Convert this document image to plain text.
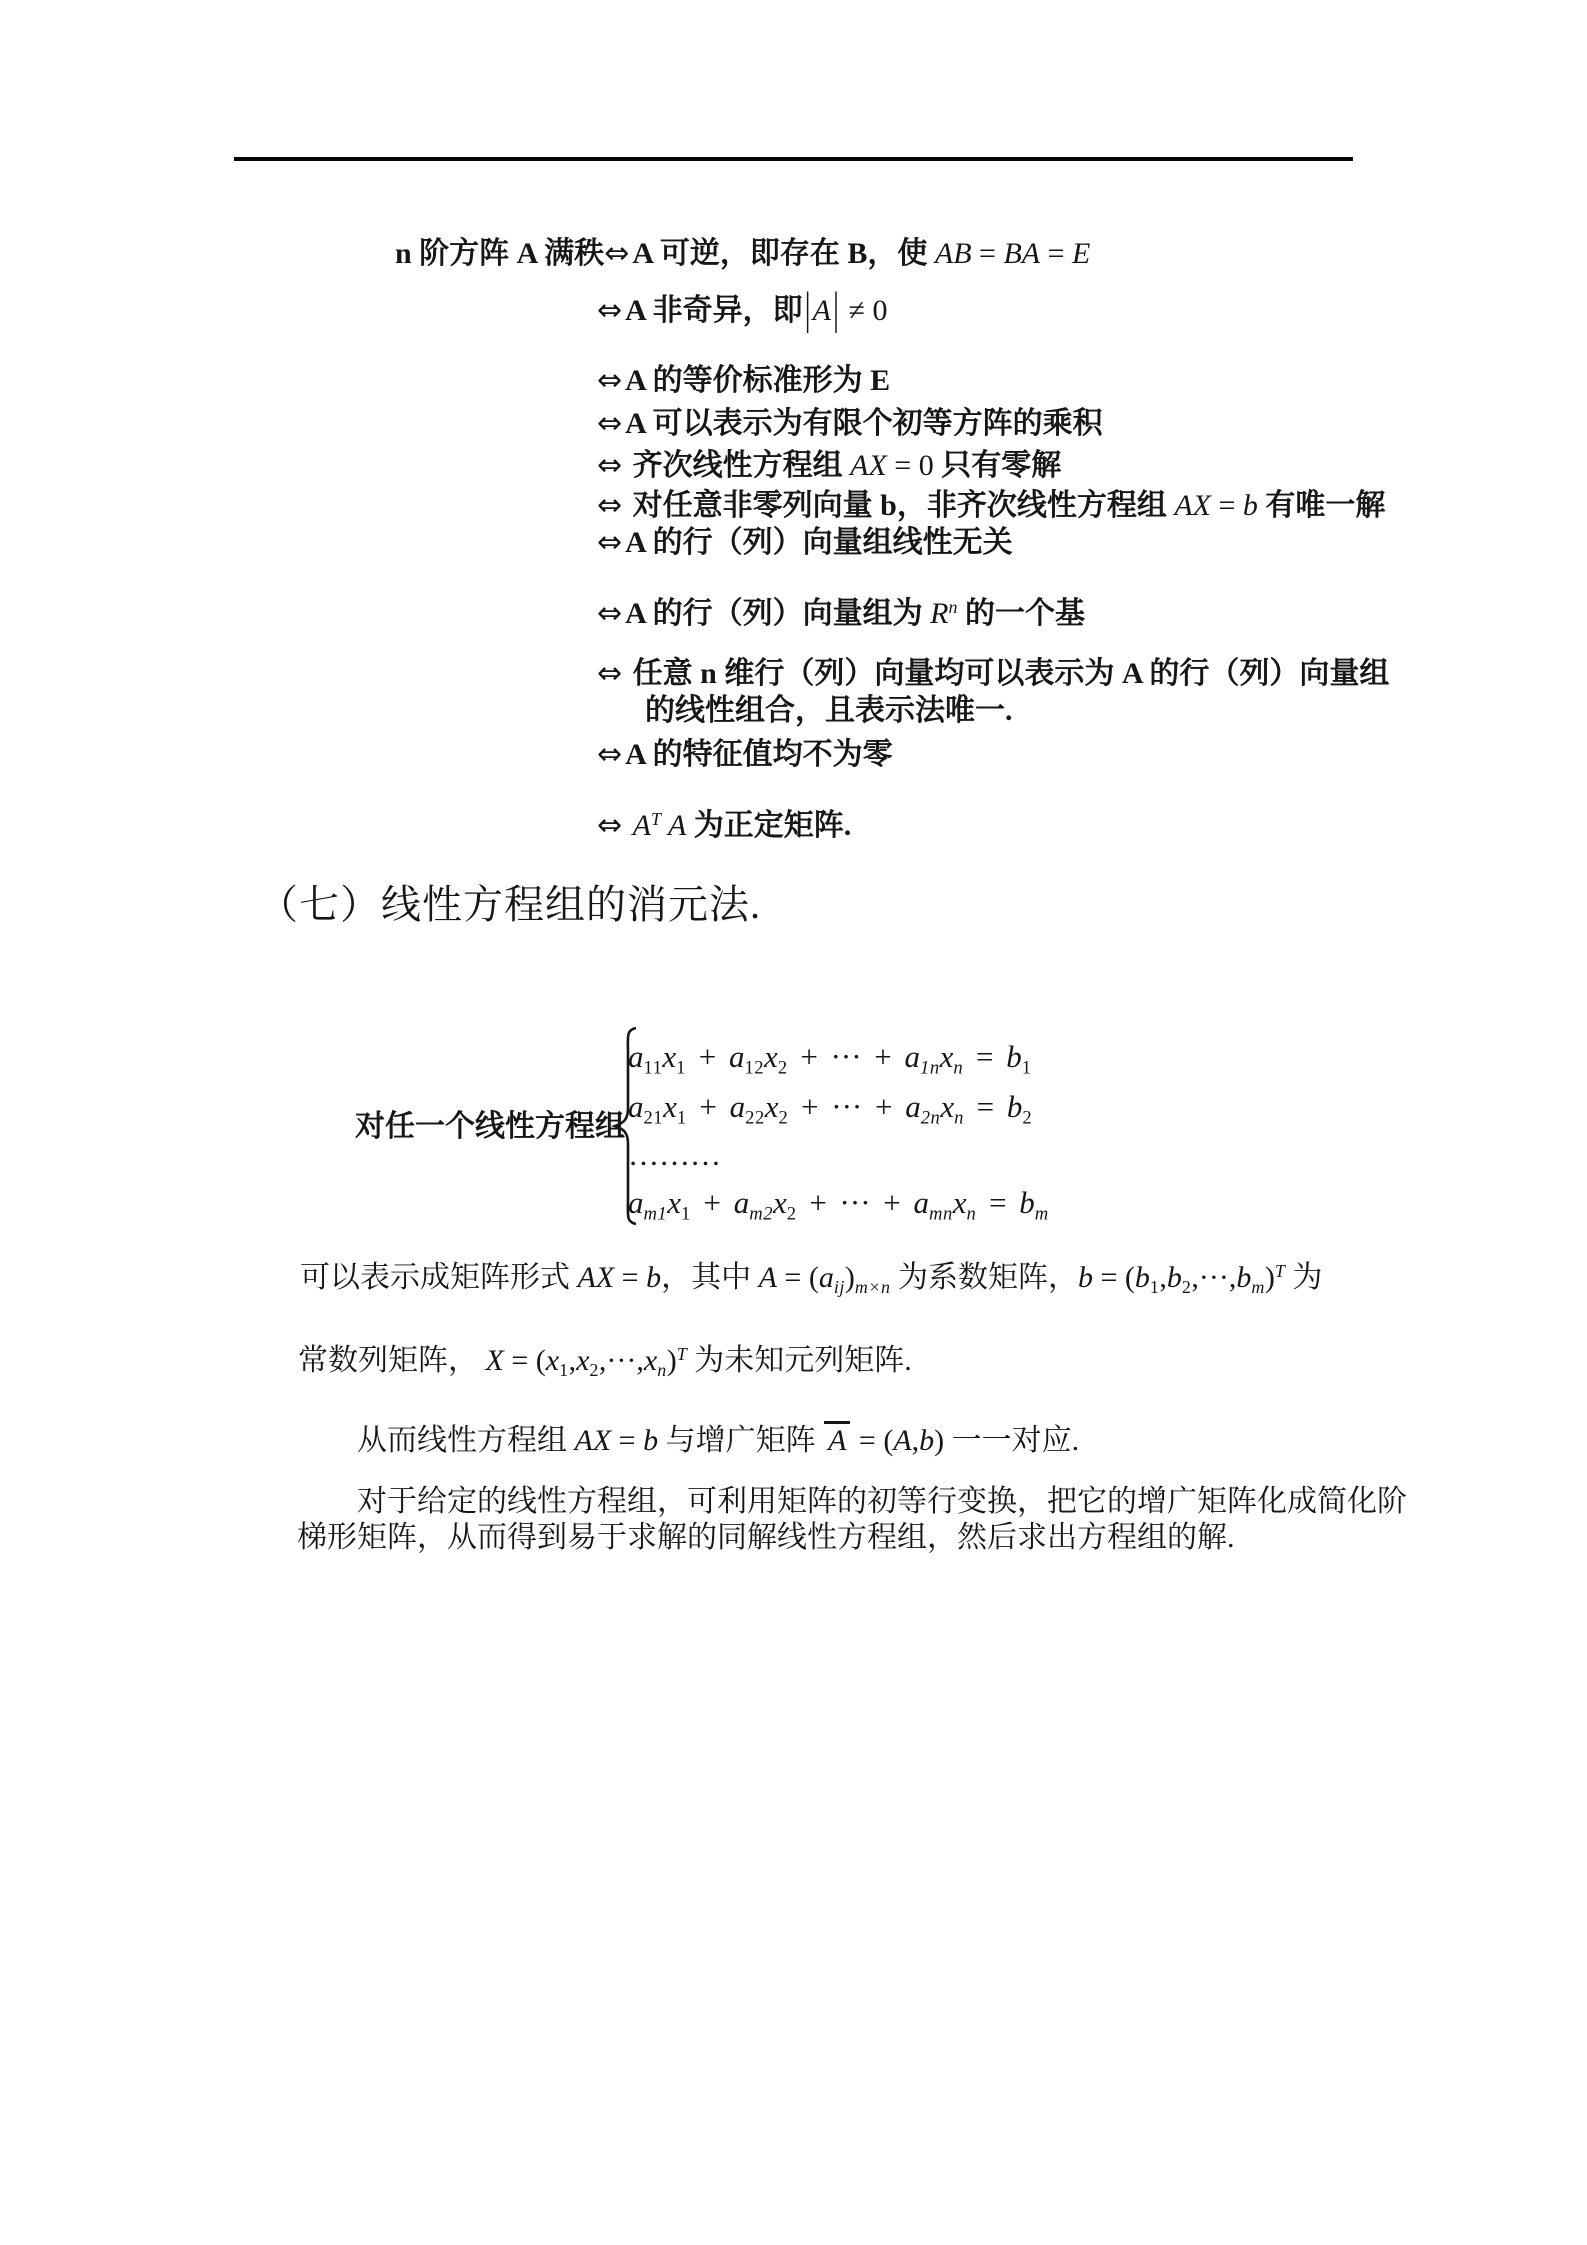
n 阶方阵 A 满秩⇔ A 可逆，即存在 B，使 AB = BA = E
⇔ A 非奇异，即|A| ≠ 0
⇔ A 的等价标准形为 E
⇔ A 可以表示为有限个初等方阵的乘积
⇔ 齐次线性方程组 AX = 0 只有零解
⇔ 对任意非零列向量 b，非齐次线性方程组 AX = b 有唯一解
⇔ A 的行（列）向量组线性无关
⇔ A 的行（列）向量组为 $R^n$ 的一个基
⇔ 任意 n 维行（列）向量均可以表示为 A 的行（列）向量组
的线性组合，且表示法唯一.
⇔ A 的特征值均不为零
⇔ $A^T$ A 为正定矩阵.
（七）线性方程组的消元法.
对任一个线性方程组
$a_{11}x_1 + a_{12}x_2$ + ··· + $a_{1n}x_n = b_1$
$a_{21}x_1 + a_{22}x_2$ + ··· + $a_{2n}x_n = b_2$
………
$a_{m1}x_1 + a_{m2}x_2$ + ··· + $a_{mn}x_n = b_m$
可以表示成矩阵形式 AX = b，其中 $A = (a_{ij})_{m\times n}$ 为系数矩阵，$b = (b_1,b_2,\cdot\cdot\cdot,b_m)^T$ 为
常数列矩阵， $X = (x_1,x_2,\cdot\cdot\cdot,x_n)^T$ 为未知元列矩阵.
从而线性方程组 AX = b 与增广矩阵 A = (A,b) 一一对应.
对于给定的线性方程组，可利用矩阵的初等行变换，把它的增广矩阵化成简化阶
梯形矩阵，从而得到易于求解的同解线性方程组，然后求出方程组的解.
